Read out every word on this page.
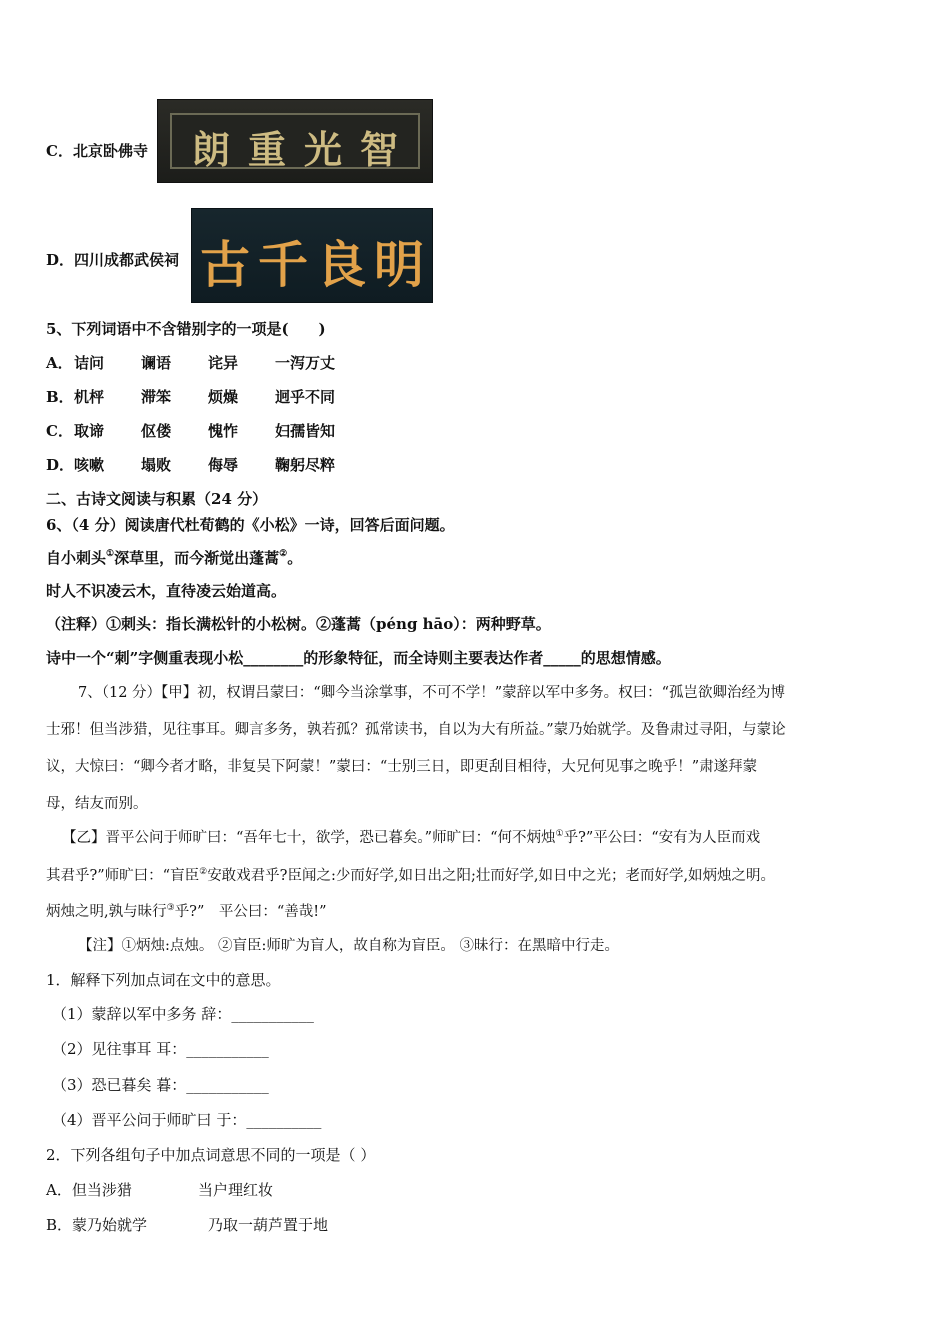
C．北京卧佛寺	朗重光智
D．四川成都武侯祠 古千良明
5、下列词语中不含错别字的一项是(　　)
A． 诘问 谰语 诧异 一泻万丈
B． 机枰 滞笨 烦燥 迥乎不同
C． 取谛 伛偻 愧怍 妇孺皆知
D． 咳嗽 塌败 侮辱 鞠躬尽粹
二、古诗文阅读与积累（24 分）
6、（4 分）阅读唐代杜荀鹤的《小松》一诗，回答后面问题。
自小刺头①深草里，而今渐觉出蓬蒿②。
时人不识凌云木，直待凌云始道高。
（注释）①刺头：指长满松针的小松树。②蓬蒿（péng hāo）：两种野草。
诗中一个“刺”字侧重表现小松________的形象特征，而全诗则主要表达作者_____的思想情感。
7、（12 分）【甲】初，权谓吕蒙曰：“卿今当涂掌事，不可不学！”蒙辞以军中多务。权曰：“孤岂欲卿治经为博
士邪！但当涉猎，见往事耳。卿言多务，孰若孤？孤常读书，自以为大有所益。”蒙乃始就学。及鲁肃过寻阳，与蒙论
议，大惊曰：“卿今者才略，非复吴下阿蒙！”蒙曰：“士别三日，即更刮目相待，大兄何见事之晚乎！”肃遂拜蒙
母，结友而别。
【乙】晋平公问于师旷曰：“吾年七十，欲学，恐已暮矣。”师旷曰：“何不炳烛①乎?”平公曰：“安有为人臣而戏
其君乎?”师旷曰：“盲臣②安敢戏君乎?臣闻之:少而好学,如日出之阳;壮而好学,如日中之光；老而好学,如炳烛之明。
炳烛之明,孰与昧行③乎?”　平公曰：“善哉!”
【注】①炳烛:点烛。 ②盲臣:师旷为盲人，故自称为盲臣。 ③昧行：在黑暗中行走。
1．解释下列加点词在文中的意思。
（1）蒙辞以军中多务 辞：___________
（2）见往事耳 耳：___________
（3）恐已暮矣 暮：___________
（4）晋平公问于师旷曰 于：__________
2．下列各组句子中加点词意思不同的一项是（ ）
A．但当涉猎	当户理红妆
B．蒙乃始就学	乃取一葫芦置于地
